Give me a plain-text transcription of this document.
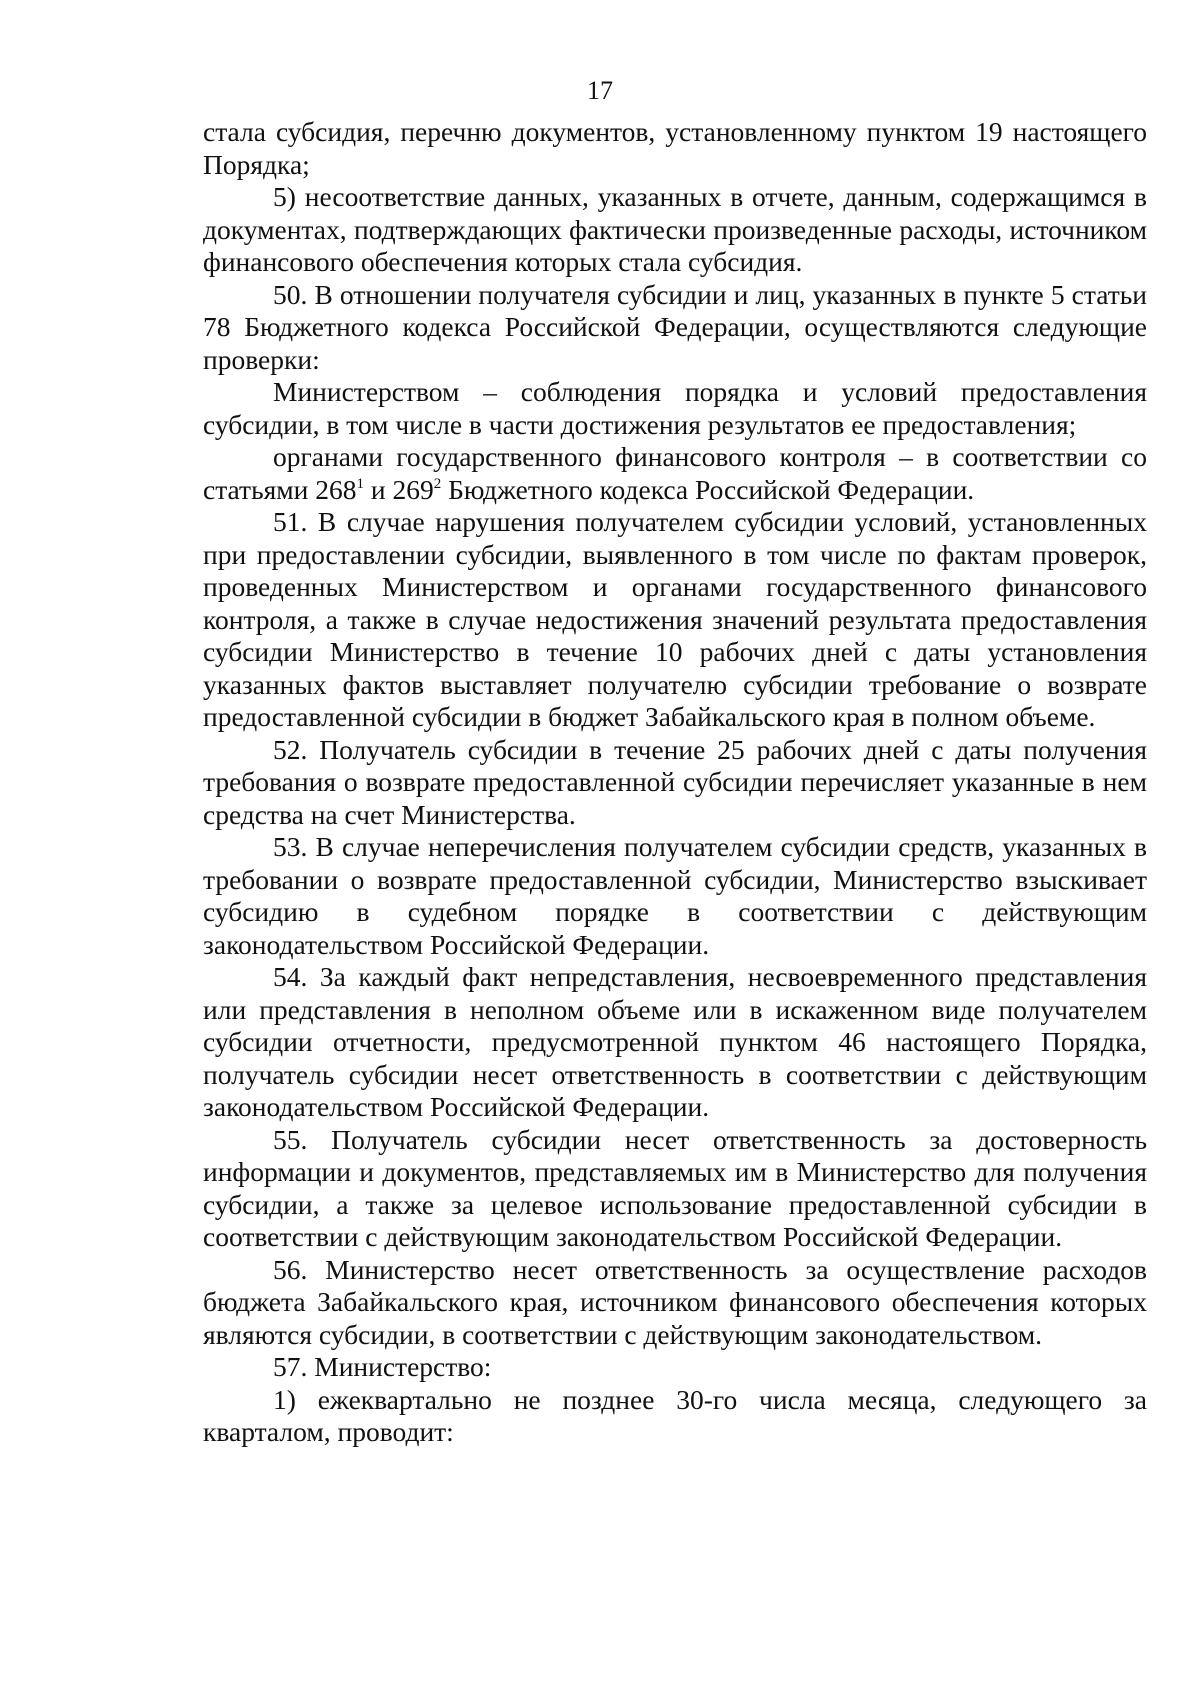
17

стала субсидия, перечню документов, установленному пунктом 19 настоящего Порядка;

5) несоответствие данных, указанных в отчете, данным, содержащимся в документах, подтверждающих фактически произведенные расходы, источником финансового обеспечения которых стала субсидия.

50. В отношении получателя субсидии и лиц, указанных в пункте 5 статьи 78 Бюджетного кодекса Российской Федерации, осуществляются следующие проверки:

Министерством – соблюдения порядка и условий предоставления субсидии, в том числе в части достижения результатов ее предоставления;

органами государственного финансового контроля – в соответствии со статьями $268^1$ и $269^2$ Бюджетного кодекса Российской Федерации.

51. В случае нарушения получателем субсидии условий, установленных при предоставлении субсидии, выявленного в том числе по фактам проверок, проведенных Министерством и органами государственного финансового контроля, а также в случае недостижения значений результата предоставления субсидии Министерство в течение 10 рабочих дней с даты установления указанных фактов выставляет получателю субсидии требование о возврате предоставленной субсидии в бюджет Забайкальского края в полном объеме.

52. Получатель субсидии в течение 25 рабочих дней с даты получения требования о возврате предоставленной субсидии перечисляет указанные в нем средства на счет Министерства.

53. В случае неперечисления получателем субсидии средств, указанных в требовании о возврате предоставленной субсидии, Министерство взыскивает субсидию в судебном порядке в соответствии с действующим законодательством Российской Федерации.

54. За каждый факт непредставления, несвоевременного представления или представления в неполном объеме или в искаженном виде получателем субсидии отчетности, предусмотренной пунктом 46 настоящего Порядка, получатель субсидии несет ответственность в соответствии с действующим законодательством Российской Федерации.

55. Получатель субсидии несет ответственность за достоверность информации и документов, представляемых им в Министерство для получения субсидии, а также за целевое использование предоставленной субсидии в соответствии с действующим законодательством Российской Федерации.

56. Министерство несет ответственность за осуществление расходов бюджета Забайкальского края, источником финансового обеспечения которых являются субсидии, в соответствии с действующим законодательством.

57. Министерство:

1) ежеквартально не позднее 30-го числа месяца, следующего за кварталом, проводит:
